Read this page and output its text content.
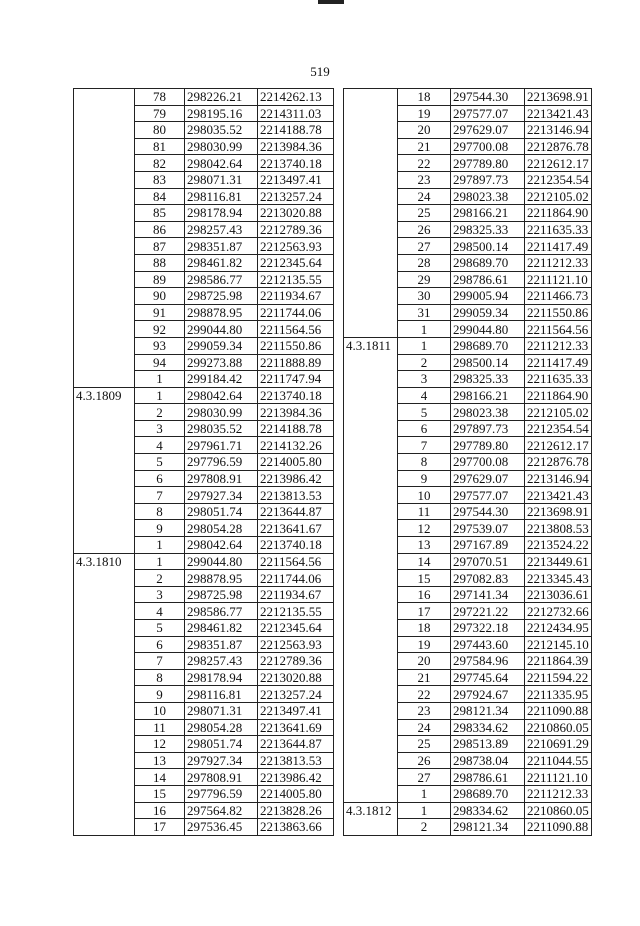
519
	78	298226.21	2214262.13
	79	298195.16	2214311.03
	80	298035.52	2214188.78
	81	298030.99	2213984.36
	82	298042.64	2213740.18
	83	298071.31	2213497.41
	84	298116.81	2213257.24
	85	298178.94	2213020.88
	86	298257.43	2212789.36
	87	298351.87	2212563.93
	88	298461.82	2212345.64
	89	298586.77	2212135.55
	90	298725.98	2211934.67
	91	298878.95	2211744.06
	92	299044.80	2211564.56
	93	299059.34	2211550.86
	94	299273.88	2211888.89
	1	299184.42	2211747.94
4.3.1809	1	298042.64	2213740.18
	2	298030.99	2213984.36
	3	298035.52	2214188.78
	4	297961.71	2214132.26
	5	297796.59	2214005.80
	6	297808.91	2213986.42
	7	297927.34	2213813.53
	8	298051.74	2213644.87
	9	298054.28	2213641.67
	1	298042.64	2213740.18
4.3.1810	1	299044.80	2211564.56
	2	298878.95	2211744.06
	3	298725.98	2211934.67
	4	298586.77	2212135.55
	5	298461.82	2212345.64
	6	298351.87	2212563.93
	7	298257.43	2212789.36
	8	298178.94	2213020.88
	9	298116.81	2213257.24
	10	298071.31	2213497.41
	11	298054.28	2213641.69
	12	298051.74	2213644.87
	13	297927.34	2213813.53
	14	297808.91	2213986.42
	15	297796.59	2214005.80
	16	297564.82	2213828.26
	17	297536.45	2213863.66
	18	297544.30	2213698.91
	19	297577.07	2213421.43
	20	297629.07	2213146.94
	21	297700.08	2212876.78
	22	297789.80	2212612.17
	23	297897.73	2212354.54
	24	298023.38	2212105.02
	25	298166.21	2211864.90
	26	298325.33	2211635.33
	27	298500.14	2211417.49
	28	298689.70	2211212.33
	29	298786.61	2211121.10
	30	299005.94	2211466.73
	31	299059.34	2211550.86
	1	299044.80	2211564.56
4.3.1811	1	298689.70	2211212.33
	2	298500.14	2211417.49
	3	298325.33	2211635.33
	4	298166.21	2211864.90
	5	298023.38	2212105.02
	6	297897.73	2212354.54
	7	297789.80	2212612.17
	8	297700.08	2212876.78
	9	297629.07	2213146.94
	10	297577.07	2213421.43
	11	297544.30	2213698.91
	12	297539.07	2213808.53
	13	297167.89	2213524.22
	14	297070.51	2213449.61
	15	297082.83	2213345.43
	16	297141.34	2213036.61
	17	297221.22	2212732.66
	18	297322.18	2212434.95
	19	297443.60	2212145.10
	20	297584.96	2211864.39
	21	297745.64	2211594.22
	22	297924.67	2211335.95
	23	298121.34	2211090.88
	24	298334.62	2210860.05
	25	298513.89	2210691.29
	26	298738.04	2211044.55
	27	298786.61	2211121.10
	1	298689.70	2211212.33
4.3.1812	1	298334.62	2210860.05
	2	298121.34	2211090.88
